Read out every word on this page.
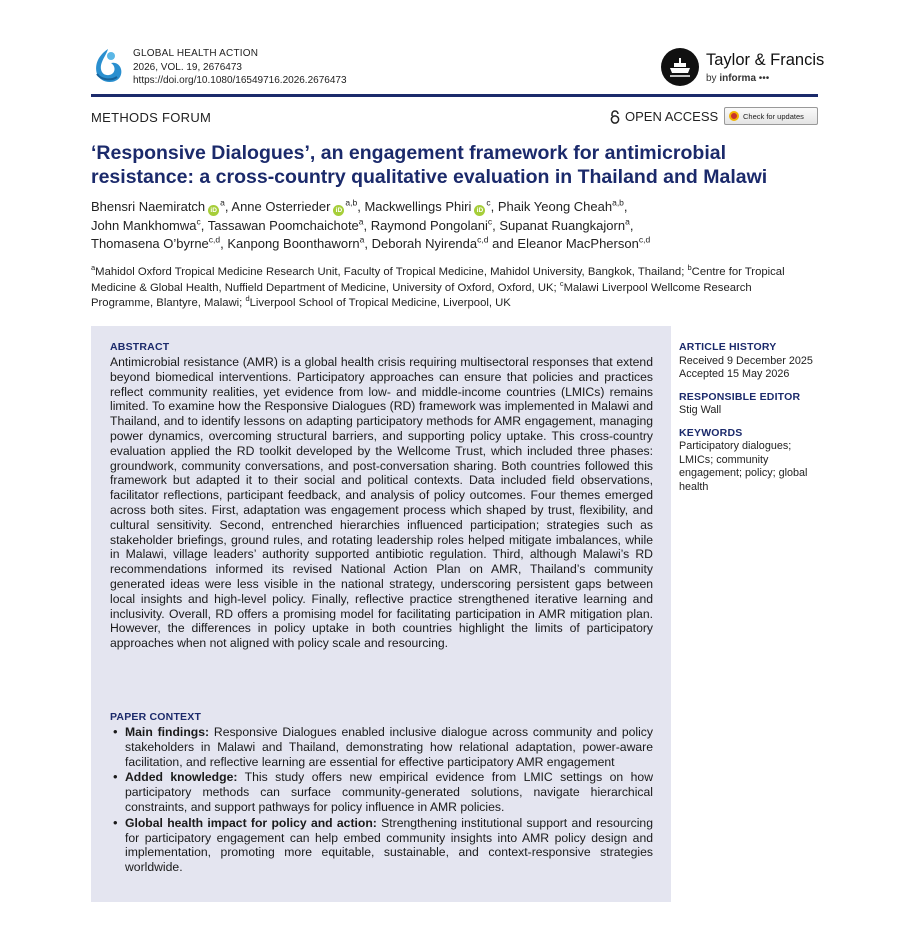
GLOBAL HEALTH ACTION
2026, VOL. 19, 2676473
https://doi.org/10.1080/16549716.2026.2676473
Taylor & Francis
by informa •••
METHODS FORUM	OPEN ACCESS	Check for updates
‘Responsive Dialogues’, an engagement framework for antimicrobial resistance: a cross-country qualitative evaluation in Thailand and Malawi
Bhensri Naemiratch $iD^a$, Anne Osterrieder iD$^{a,b}$, Mackwellings Phiri $iD^c$, Phaik Yeong Cheah$^{a,b}$,
John Mankhomwa$^c$, Tassawan Poomchaichote$^a$, Raymond Pongolani$^c$, Supanat Ruangkajorn$^a$,
Thomasena O’byrne$^{c,d}$, Kanpong Boonthaworn$^a$, Deborah Nyirenda$^{c,d}$ and Eleanor MacPherson$^{c,d}$
$^a$Mahidol Oxford Tropical Medicine Research Unit, Faculty of Tropical Medicine, Mahidol University, Bangkok, Thailand; $^b$Centre for Tropical Medicine & Global Health, Nuffield Department of Medicine, University of Oxford, Oxford, UK; $^c$Malawi Liverpool Wellcome Research Programme, Blantyre, Malawi; $^d$Liverpool School of Tropical Medicine, Liverpool, UK
ABSTRACT

Antimicrobial resistance (AMR) is a global health crisis requiring multisectoral responses that extend beyond biomedical interventions. Participatory approaches can ensure that policies and practices reflect community realities, yet evidence from low- and middle-income countries (LMICs) remains limited. To examine how the Responsive Dialogues (RD) framework was implemented in Malawi and Thailand, and to identify lessons on adapting participatory methods for AMR engagement, managing power dynamics, overcoming structural barriers, and supporting policy uptake. This cross-country evaluation applied the RD toolkit developed by the Wellcome Trust, which included three phases: groundwork, community conversations, and post-conversation sharing. Both countries followed this framework but adapted it to their social and political contexts. Data included field observations, facilitator reflections, participant feedback, and analysis of policy outcomes. Four themes emerged across both sites. First, adaptation was engagement process which shaped by trust, flexibility, and cultural sensitivity. Second, entrenched hierarchies influenced participation; strategies such as stakeholder briefings, ground rules, and rotating leadership roles helped mitigate imbalances, while in Malawi, village leaders’ authority supported antibiotic regulation. Third, although Malawi’s RD recommendations informed its revised National Action Plan on AMR, Thailand’s community generated ideas were less visible in the national strategy, underscoring persistent gaps between local insights and high-level policy. Finally, reflective practice strengthened iterative learning and inclusivity. Overall, RD offers a promising model for facilitating participation in AMR mitigation plan. However, the differences in policy uptake in both countries highlight the limits of participatory approaches when not aligned with policy scale and resourcing.

PAPER CONTEXT
• Main findings: Responsive Dialogues enabled inclusive dialogue across community and policy stakeholders in Malawi and Thailand, demonstrating how relational adaptation, power-aware facilitation, and reflective learning are essential for effective participatory AMR engagement
• Added knowledge: This study offers new empirical evidence from LMIC settings on how participatory methods can surface community-generated solutions, navigate hierarchical constraints, and support pathways for policy influence in AMR policies.
• Global health impact for policy and action: Strengthening institutional support and resourcing for participatory engagement can help embed community insights into AMR policy design and implementation, promoting more equitable, sustainable, and context-responsive strategies worldwide.
ARTICLE HISTORY
Received 9 December 2025
Accepted 15 May 2026
RESPONSIBLE EDITOR
Stig Wall
KEYWORDS
Participatory dialogues; LMICs; community engagement; policy; global health
